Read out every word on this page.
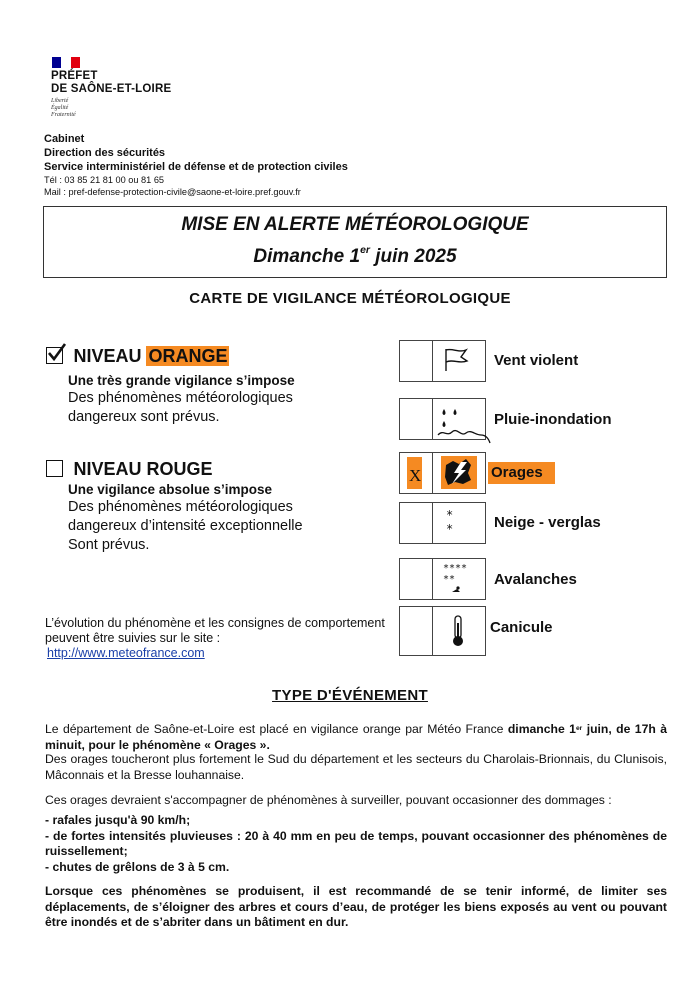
PRÉFET
DE SAÔNE-ET-LOIRE
Liberté
Égalité
Fraternité
Cabinet
Direction des sécurités
Service interministériel de défense et de protection civiles
Tél : 03 85 21 81 00 ou 81 65
Mail : pref-defense-protection-civile@saone-et-loire.pref.gouv.fr
MISE EN ALERTE MÉTÉOROLOGIQUE
Dimanche 1er juin 2025
CARTE DE VIGILANCE MÉTÉOROLOGIQUE
NIVEAU ORANGE
Une très grande vigilance s’impose
Des phénomènes météorologiques
dangereux sont prévus.
NIVEAU ROUGE
Une vigilance absolue s’impose
Des phénomènes météorologiques
dangereux d’intensité exceptionnelle
Sont prévus.
Vent violent
Pluie-inondation
X	Orages
*
*	Neige - verglas
****
**	Avalanches
Canicule
L’évolution du phénomène et les consignes de comportement
peuvent être suivies sur le site :
http://www.meteofrance.com
TYPE D'ÉVÉNEMENT
Le département de Saône-et-Loire est placé en vigilance orange par Météo France dimanche 1er juin, de 17h à minuit, pour le phénomène « Orages ».
Des orages toucheront plus fortement le Sud du département et les secteurs du Charolais-Brionnais, du Clunisois, Mâconnais et la Bresse louhannaise.
Ces orages devraient s'accompagner de phénomènes à surveiller, pouvant occasionner des dommages :
- rafales jusqu'à 90 km/h;
- de fortes intensités pluvieuses : 20 à 40 mm en peu de temps, pouvant occasionner des phénomènes de ruissellement;
- chutes de grêlons de 3 à 5 cm.
Lorsque ces phénomènes se produisent, il est recommandé de se tenir informé, de limiter ses déplacements, de s’éloigner des arbres et cours d’eau, de protéger les biens exposés au vent ou pouvant être inondés et de s’abriter dans un bâtiment en dur.
